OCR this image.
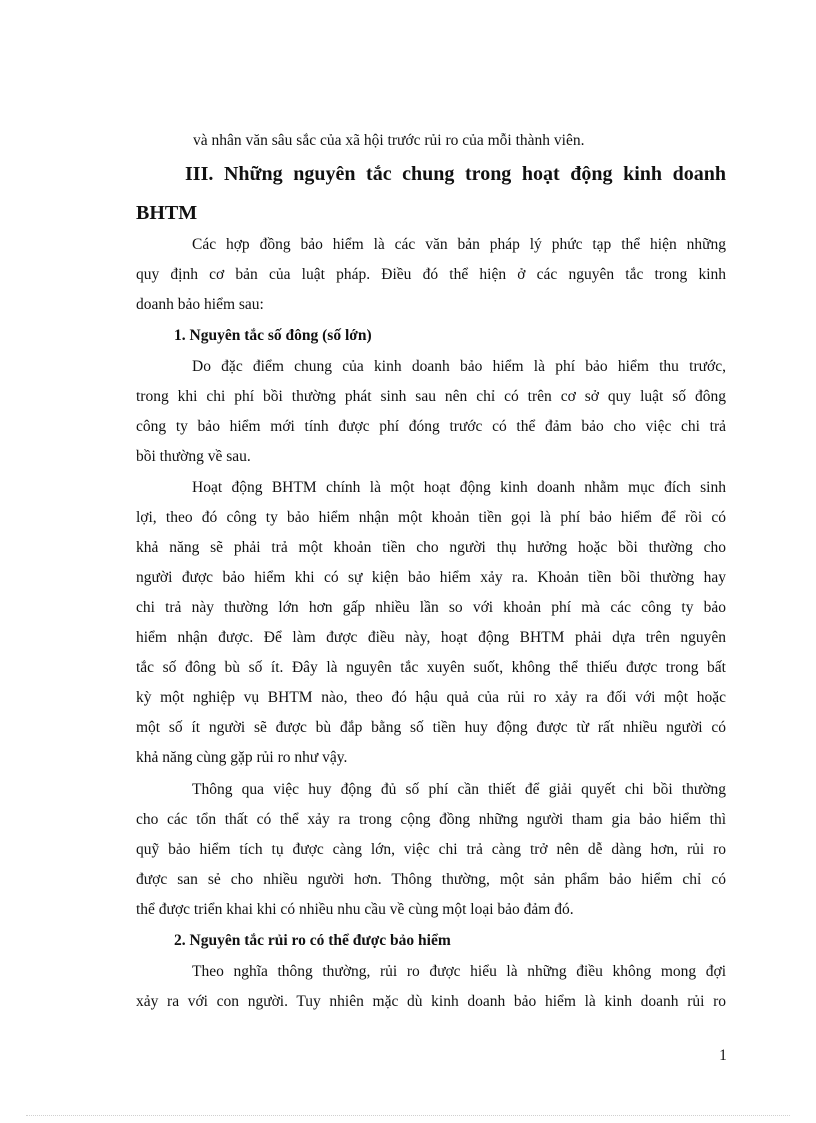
và nhân văn sâu sắc của xã hội trước rủi ro của mỗi thành viên.
III. Những nguyên tắc chung trong hoạt động kinh doanh
BHTM
Các hợp đồng bảo hiểm là các văn bản pháp lý phức tạp thể hiện những
quy định cơ bản của luật pháp. Điều đó thể hiện ở các nguyên tắc trong kinh
doanh bảo hiểm sau:
1. Nguyên tắc số đông (số lớn)
Do đặc điểm chung của kinh doanh bảo hiểm là phí bảo hiểm thu trước,
trong khi chi phí bồi thường phát sinh sau nên chỉ có trên cơ sở quy luật số đông
công ty bảo hiểm mới tính được phí đóng trước có thể đảm bảo cho việc chi trả
bồi thường về sau.
Hoạt động BHTM chính là một hoạt động kinh doanh nhằm mục đích sinh
lợi, theo đó công ty bảo hiểm nhận một khoản tiền gọi là phí bảo hiểm để rồi có
khả năng sẽ phải trả một khoản tiền cho người thụ hưởng hoặc bồi thường cho
người được bảo hiểm khi có sự kiện bảo hiểm xảy ra. Khoản tiền bồi thường hay
chi trả này thường lớn hơn gấp nhiều lần so với khoản phí mà các công ty bảo
hiểm nhận được. Để làm được điều này, hoạt động BHTM phải dựa trên nguyên
tắc số đông bù số ít. Đây là nguyên tắc xuyên suốt, không thể thiếu được trong bất
kỳ một nghiệp vụ BHTM nào, theo đó hậu quả của rủi ro xảy ra đối với một hoặc
một số ít người sẽ được bù đắp bằng số tiền huy động được từ rất nhiều người có
khả năng cùng gặp rủi ro như vậy.
Thông qua việc huy động đủ số phí cần thiết để giải quyết chi bồi thường
cho các tổn thất có thể xảy ra trong cộng đồng những người tham gia bảo hiểm thì
quỹ bảo hiểm tích tụ được càng lớn, việc chi trả càng trở nên dễ dàng hơn, rủi ro
được san sẻ cho nhiều người hơn. Thông thường, một sản phẩm bảo hiểm chỉ có
thể được triển khai khi có nhiều nhu cầu về cùng một loại bảo đảm đó.
2. Nguyên tắc rủi ro có thể được bảo hiểm
Theo nghĩa thông thường, rủi ro được hiểu là những điều không mong đợi
xảy ra với con người. Tuy nhiên mặc dù kinh doanh bảo hiểm là kinh doanh rủi ro
1
